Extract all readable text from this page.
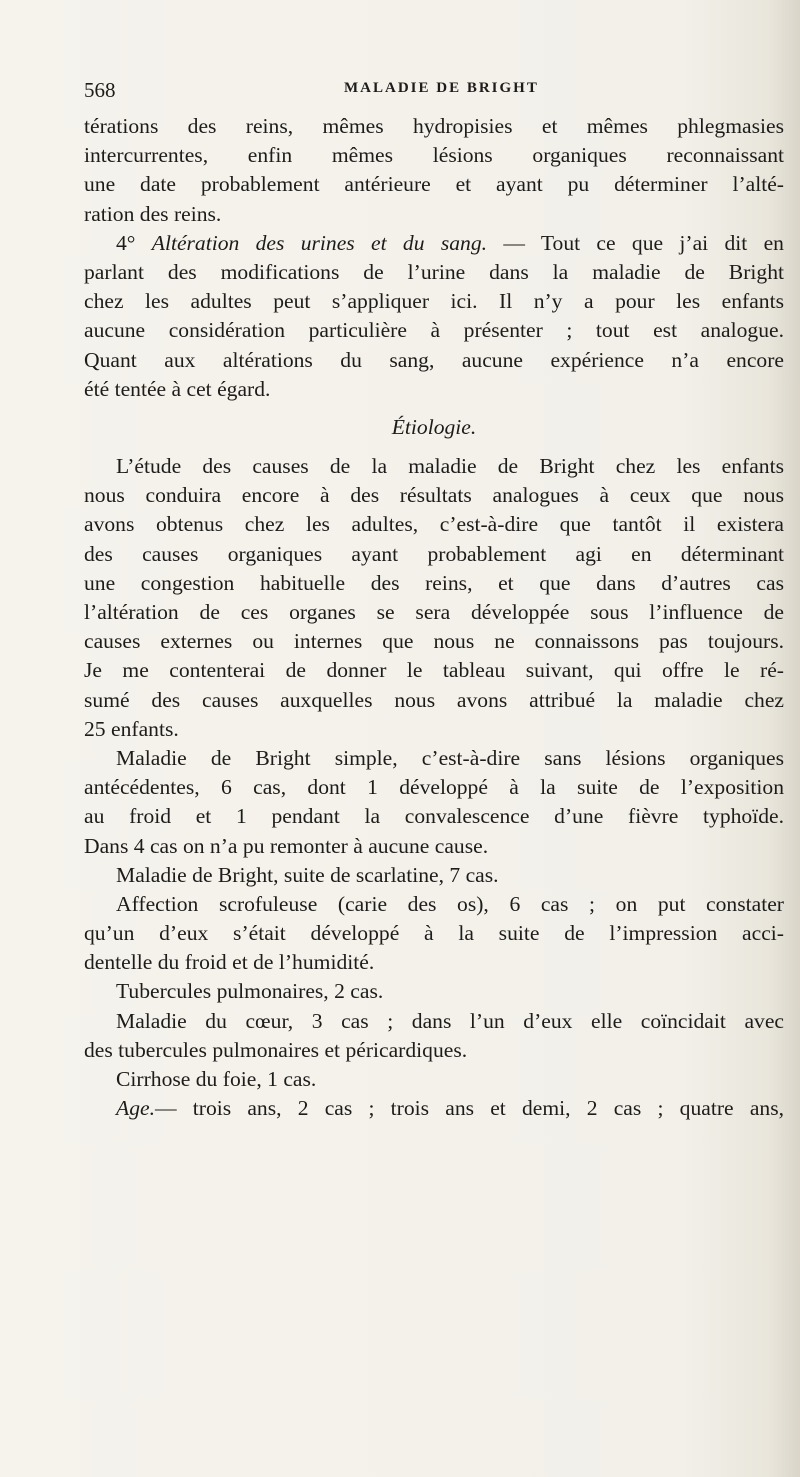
568	MALADIE DE BRIGHT
térations des reins, mêmes hydropisies et mêmes phlegmasies
intercurrentes, enfin mêmes lésions organiques reconnaissant
une date probablement antérieure et ayant pu déterminer l’alté-
ration des reins.
4° Altération des urines et du sang. — Tout ce que j’ai dit en
parlant des modifications de l’urine dans la maladie de Bright
chez les adultes peut s’appliquer ici. Il n’y a pour les enfants
aucune considération particulière à présenter ; tout est analogue.
Quant aux altérations du sang, aucune expérience n’a encore
été tentée à cet égard.
Étiologie.
L’étude des causes de la maladie de Bright chez les enfants
nous conduira encore à des résultats analogues à ceux que nous
avons obtenus chez les adultes, c’est-à-dire que tantôt il existera
des causes organiques ayant probablement agi en déterminant
une congestion habituelle des reins, et que dans d’autres cas
l’altération de ces organes se sera développée sous l’influence de
causes externes ou internes que nous ne connaissons pas toujours.
Je me contenterai de donner le tableau suivant, qui offre le ré-
sumé des causes auxquelles nous avons attribué la maladie chez
25 enfants.
Maladie de Bright simple, c’est-à-dire sans lésions organiques
antécédentes, 6 cas, dont 1 développé à la suite de l’exposition
au froid et 1 pendant la convalescence d’une fièvre typhoïde.
Dans 4 cas on n’a pu remonter à aucune cause.
Maladie de Bright, suite de scarlatine, 7 cas.
Affection scrofuleuse (carie des os), 6 cas ; on put constater
qu’un d’eux s’était développé à la suite de l’impression acci-
dentelle du froid et de l’humidité.
Tubercules pulmonaires, 2 cas.
Maladie du cœur, 3 cas ; dans l’un d’eux elle coïncidait avec
des tubercules pulmonaires et péricardiques.
Cirrhose du foie, 1 cas.
Age.— trois ans, 2 cas ; trois ans et demi, 2 cas ; quatre ans,
